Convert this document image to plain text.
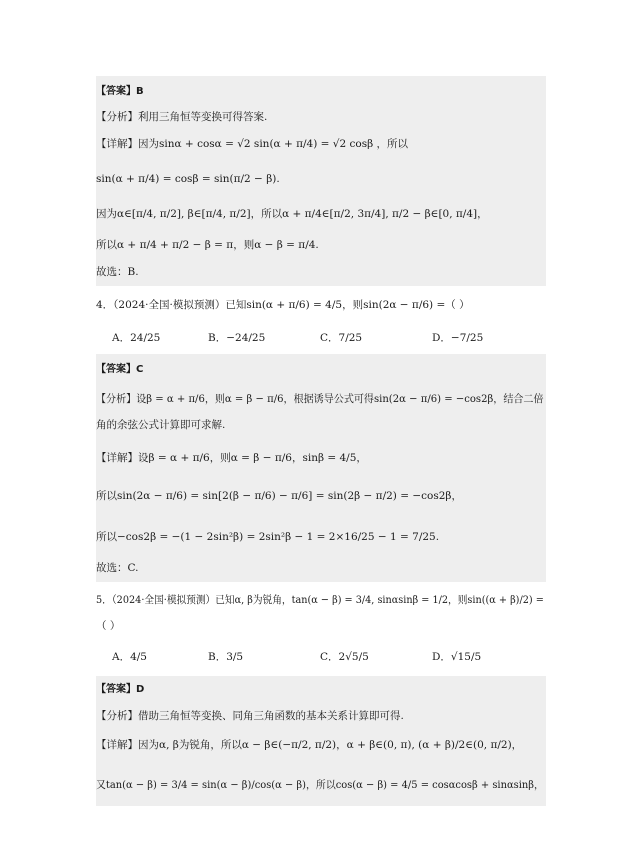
【答案】B
【分析】利用三角恒等变换可得答案.
【详解】因为sinα + cosα = √2 sin(α + π/4) = √2 cosβ ，所以
sin(α + π/4) = cosβ = sin(π/2 − β).
因为α∈[π/4, π/2], β∈[π/4, π/2]，所以α + π/4∈[π/2, 3π/4], π/2 − β∈[0, π/4]，
所以α + π/4 + π/2 − β = π，则α − β = π/4.
故选：B.
4．（2024·全国·模拟预测）已知sin(α + π/6) = 4/5，则sin(2α − π/6) =（ ）
A．24/25	B．−24/25	C．7/25	D．−7/25
【答案】C
【分析】设β = α + π/6，则α = β − π/6，根据诱导公式可得sin(2α − π/6) = −cos2β，结合二倍
角的余弦公式计算即可求解.
【详解】设β = α + π/6，则α = β − π/6，sinβ = 4/5，
所以sin(2α − π/6) = sin[2(β − π/6) − π/6] = sin(2β − π/2) = −cos2β，
所以−cos2β = −(1 − 2sin²β) = 2sin²β − 1 = 2×16/25 − 1 = 7/25.
故选：C.
5．（2024·全国·模拟预测）已知α, β为锐角，tan(α − β) = 3/4, sinαsinβ = 1/2，则sin((α + β)/2) =
（ ）
A．4/5	B．3/5	C．2√5/5	D．√15/5
【答案】D
【分析】借助三角恒等变换、同角三角函数的基本关系计算即可得.
【详解】因为α, β为锐角，所以α − β∈(−π/2, π/2)，α + β∈(0, π), (α + β)/2∈(0, π/2)，
又tan(α − β) = 3/4 = sin(α − β)/cos(α − β)，所以cos(α − β) = 4/5 = cosαcosβ + sinαsinβ，
